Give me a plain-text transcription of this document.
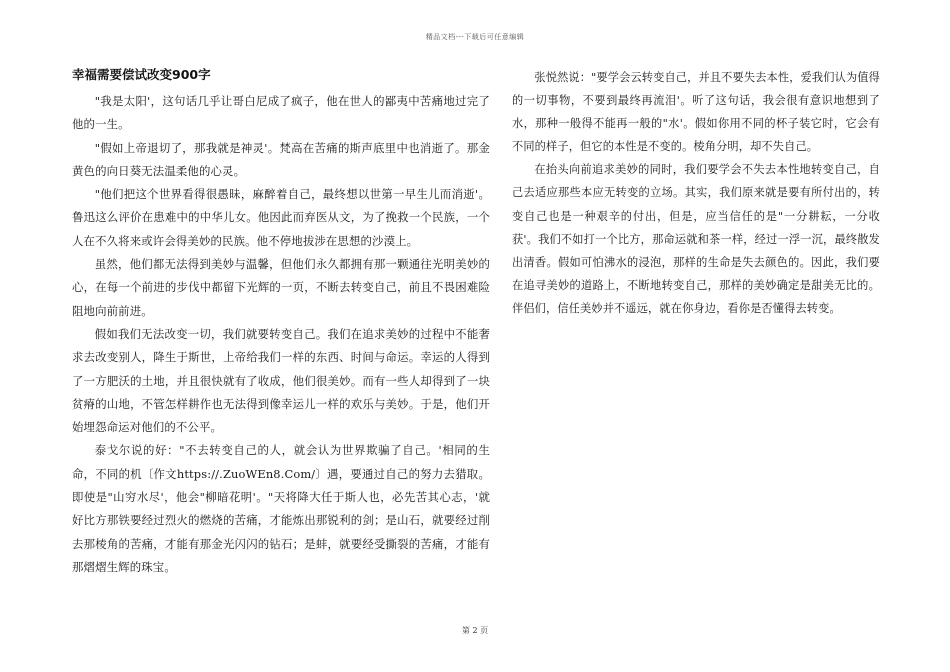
精品文档---下载后可任意编辑
幸福需要偿试改变900字

"我是太阳'，这句话几乎让哥白尼成了疯子，他在世人的鄙夷中苦痛地过完了他的一生。

"假如上帝退切了，那我就是神灵'。梵高在苦痛的斯声底里中也消逝了。那金黄色的向日葵无法温柔他的心灵。

"他们把这个世界看得很愚昧，麻醉着自己，最终想以世第一早生儿而消逝'。鲁迅这么评价在患难中的中华儿女。他因此而弃医从文，为了挽救一个民族，一个人在不久将来或许会得美妙的民族。他不停地拔涉在思想的沙漠上。

虽然，他们都无法得到美妙与温馨，但他们永久都拥有那一颗通往光明美妙的心，在每一个前进的步伐中都留下光辉的一页，不断去转变自己，前且不畏困难险阻地向前前进。

假如我们无法改变一切，我们就要转变自己。我们在追求美妙的过程中不能奢求去改变别人，降生于斯世，上帝给我们一样的东西、时间与命运。幸运的人得到了一方肥沃的土地，并且很快就有了收成，他们很美妙。而有一些人却得到了一块贫瘠的山地，不管怎样耕作也无法得到像幸运儿一样的欢乐与美妙。于是，他们开始埋怨命运对他们的不公平。

泰戈尔说的好："不去转变自己的人，就会认为世界欺骗了自己。'相同的生命，不同的机〔作文https://.ZuoWEn8.Com/〕遇，要通过自己的努力去猎取。即使是"山穷水尽'，他会"柳暗花明'。"天将降大任于斯人也，必先苦其心志，'就好比方那铁要经过烈火的燃烧的苦痛，才能炼出那锐利的剑；是山石，就要经过削去那棱角的苦痛，才能有那金光闪闪的钻石；是蚌，就要经受撕裂的苦痛，才能有那熠熠生辉的珠宝。

张悦然说："要学会云转变自己，并且不要失去本性，爱我们认为值得的一切事物，不要到最终再流泪'。听了这句话，我会很有意识地想到了水，那种一般得不能再一般的"水'。假如你用不同的杯子装它时，它会有不同的样子，但它的本性是不变的。棱角分明，却不失自己。

在抬头向前追求美妙的同时，我们要学会不失去本性地转变自己，自己去适应那些本应无转变的立场。其实，我们原来就是要有所付出的，转变自己也是一种艰辛的付出，但是，应当信任的是"一分耕耘，一分收获'。我们不如打一个比方，那命运就和茶一样，经过一浮一沉，最终散发出清香。假如可怕沸水的浸泡，那样的生命是失去颜色的。因此，我们要在追寻美妙的道路上，不断地转变自己，那样的美妙确定是甜美无比的。伴侣们，信任美妙并不遥远，就在你身边，看你是否懂得去转变。

第 2 页
